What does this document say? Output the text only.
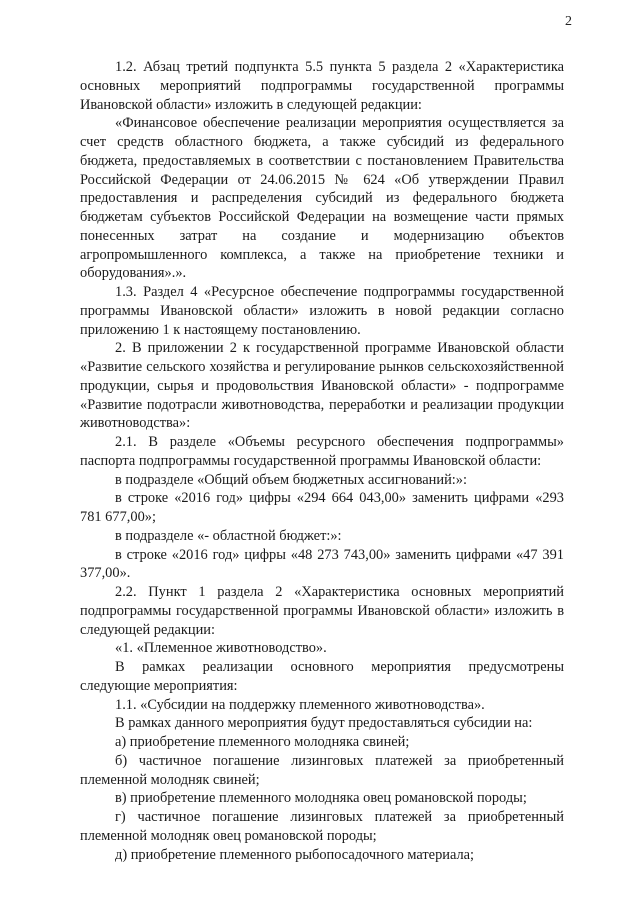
2

1.2. Абзац третий подпункта 5.5 пункта 5 раздела 2 «Характеристика основных мероприятий подпрограммы государственной программы Ивановской области» изложить в следующей редакции:

«Финансовое обеспечение реализации мероприятия осуществляется за счет средств областного бюджета, а также субсидий из федерального бюджета, предоставляемых в соответствии с постановлением Правительства Российской Федерации от 24.06.2015 № 624 «Об утверждении Правил предоставления и распределения субсидий из федерального бюджета бюджетам субъектов Российской Федерации на возмещение части прямых понесенных затрат на создание и модернизацию объектов агропромышленного комплекса, а также на приобретение техники и оборудования».».

1.3. Раздел 4 «Ресурсное обеспечение подпрограммы государственной программы Ивановской области» изложить в новой редакции согласно приложению 1 к настоящему постановлению.

2. В приложении 2 к государственной программе Ивановской области «Развитие сельского хозяйства и регулирование рынков сельскохозяйственной продукции, сырья и продовольствия Ивановской области» - подпрограмме «Развитие подотрасли животноводства, переработки и реализации продукции животноводства»:

2.1. В разделе «Объемы ресурсного обеспечения подпрограммы» паспорта подпрограммы государственной программы Ивановской области:

в подразделе «Общий объем бюджетных ассигнований:»:

в строке «2016 год» цифры «294 664 043,00» заменить цифрами «293 781 677,00»;

в подразделе «- областной бюджет:»:

в строке «2016 год» цифры «48 273 743,00» заменить цифрами «47 391 377,00».

2.2. Пункт 1 раздела 2 «Характеристика основных мероприятий подпрограммы государственной программы Ивановской области» изложить в следующей редакции:

«1. «Племенное животноводство».

В рамках реализации основного мероприятия предусмотрены следующие мероприятия:

1.1. «Субсидии на поддержку племенного животноводства».

В рамках данного мероприятия будут предоставляться субсидии на:

а) приобретение племенного молодняка свиней;

б) частичное погашение лизинговых платежей за приобретенный племенной молодняк свиней;

в) приобретение племенного молодняка овец романовской породы;

г) частичное погашение лизинговых платежей за приобретенный племенной молодняк овец романовской породы;

д) приобретение племенного рыбопосадочного материала;
